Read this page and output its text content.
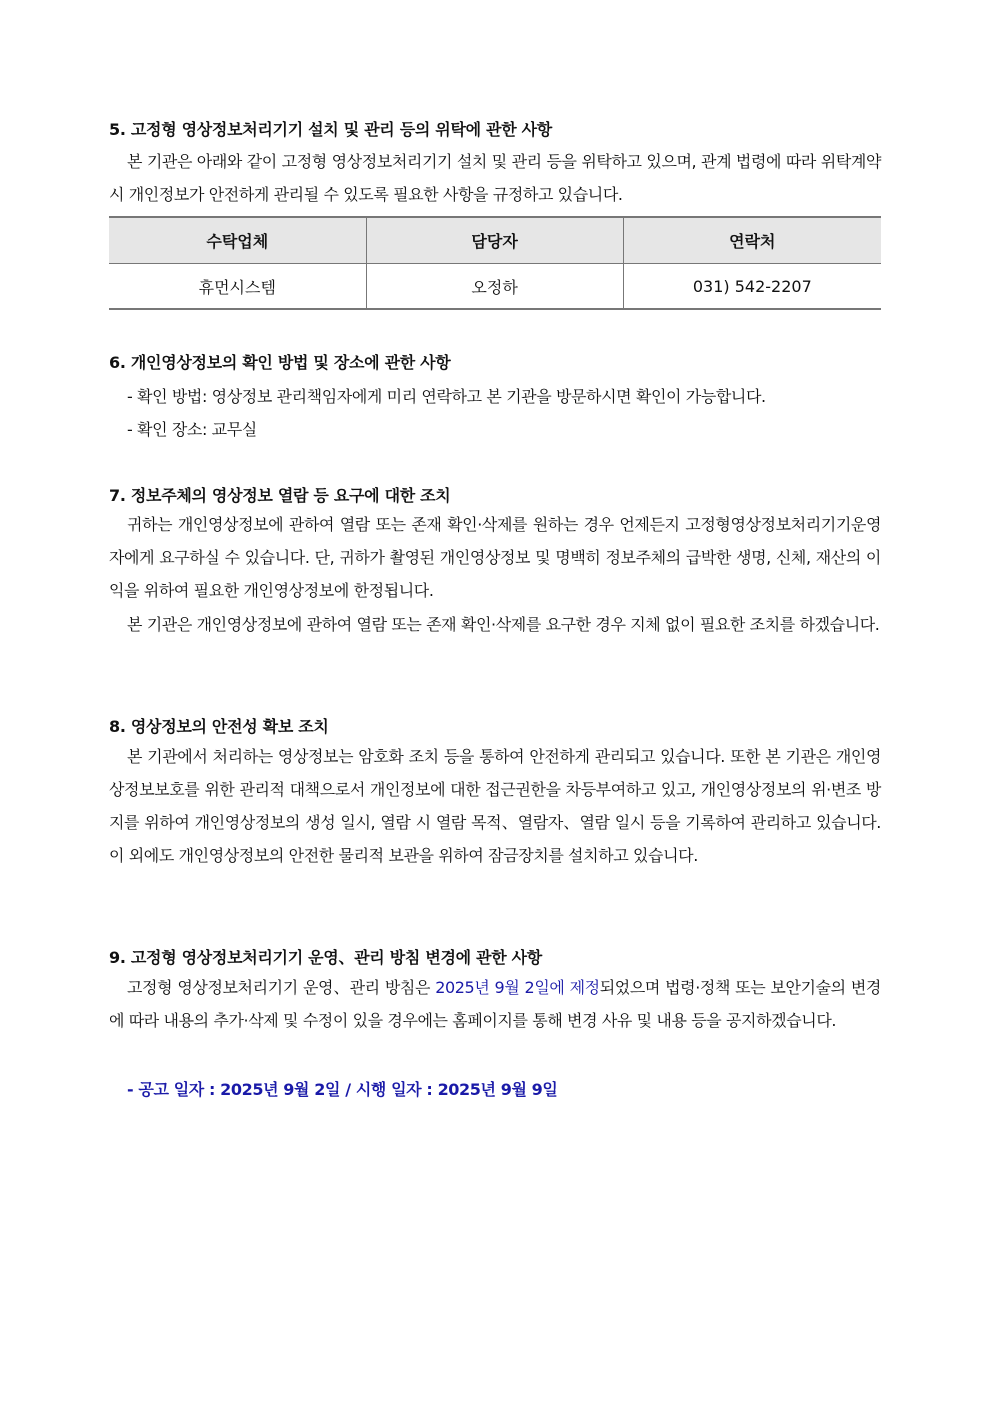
5. 고정형 영상정보처리기기 설치 및 관리 등의 위탁에 관한 사항
본 기관은 아래와 같이 고정형 영상정보처리기기 설치 및 관리 등을 위탁하고 있으며, 관계 법령에 따라 위탁계약 시 개인정보가 안전하게 관리될 수 있도록 필요한 사항을 규정하고 있습니다.
수탁업체	담당자	연락처
휴먼시스템	오정하	031) 542-2207
6. 개인영상정보의 확인 방법 및 장소에 관한 사항
- 확인 방법: 영상정보 관리책임자에게 미리 연락하고 본 기관을 방문하시면 확인이 가능합니다.
- 확인 장소: 교무실
7. 정보주체의 영상정보 열람 등 요구에 대한 조치
귀하는 개인영상정보에 관하여 열람 또는 존재 확인·삭제를 원하는 경우 언제든지 고정형영상정보처리기기운영자에게 요구하실 수 있습니다. 단, 귀하가 촬영된 개인영상정보 및 명백히 정보주체의 급박한 생명, 신체, 재산의 이익을 위하여 필요한 개인영상정보에 한정됩니다.
본 기관은 개인영상정보에 관하여 열람 또는 존재 확인·삭제를 요구한 경우 지체 없이 필요한 조치를 하겠습니다.
8. 영상정보의 안전성 확보 조치
본 기관에서 처리하는 영상정보는 암호화 조치 등을 통하여 안전하게 관리되고 있습니다. 또한 본 기관은 개인영상정보보호를 위한 관리적 대책으로서 개인정보에 대한 접근권한을 차등부여하고 있고, 개인영상정보의 위·변조 방지를 위하여 개인영상정보의 생성 일시, 열람 시 열람 목적、열람자、열람 일시 등을 기록하여 관리하고 있습니다. 이 외에도 개인영상정보의 안전한 물리적 보관을 위하여 잠금장치를 설치하고 있습니다.
9. 고정형 영상정보처리기기 운영、관리 방침 변경에 관한 사항
고정형 영상정보처리기기 운영、관리 방침은 2025년 9월 2일에 제정되었으며 법령·정책 또는 보안기술의 변경에 따라 내용의 추가·삭제 및 수정이 있을 경우에는 홈페이지를 통해 변경 사유 및 내용 등을 공지하겠습니다.
- 공고 일자 : 2025년 9월 2일 / 시행 일자 : 2025년 9월 9일
